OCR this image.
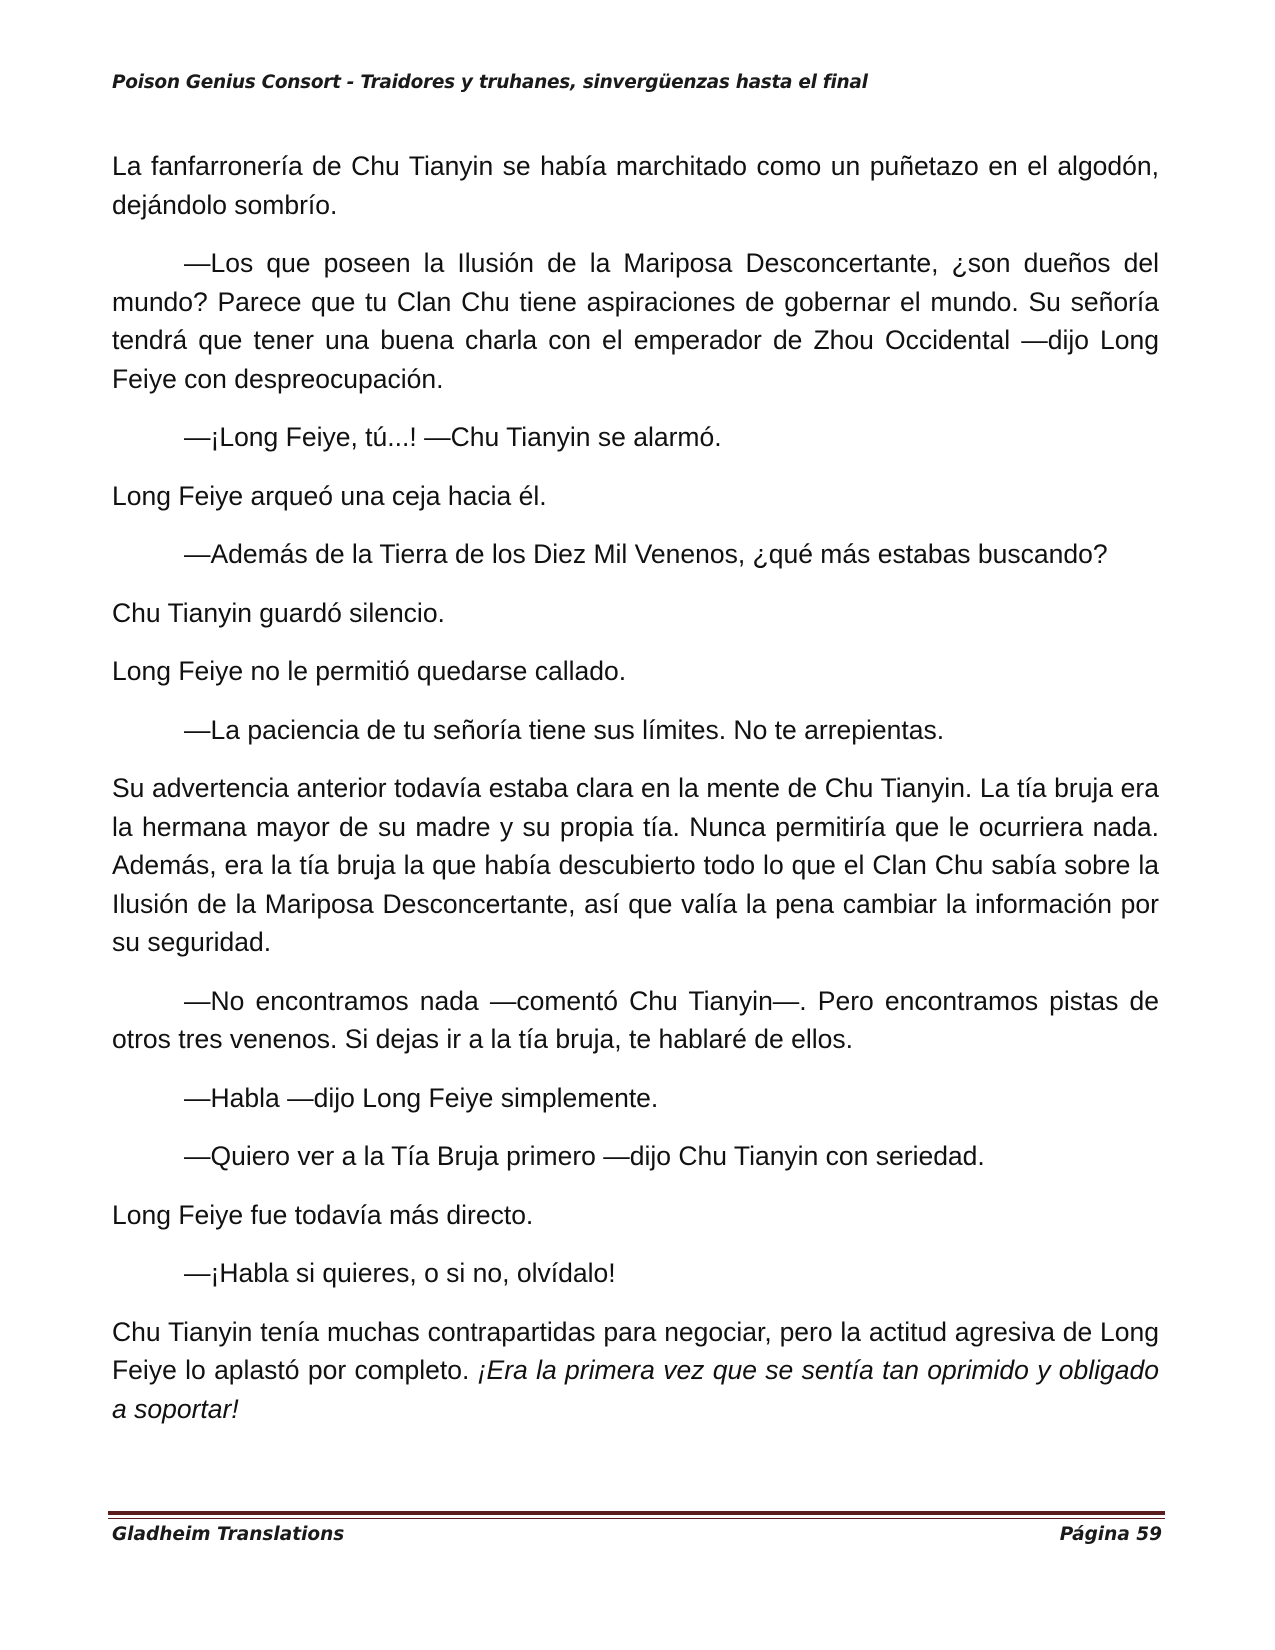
Poison Genius Consort - Traidores y truhanes, sinvergüenzas hasta el final

La fanfarronería de Chu Tianyin se había marchitado como un puñetazo en el algodón, dejándolo sombrío.

—Los que poseen la Ilusión de la Mariposa Desconcertante, ¿son dueños del mundo? Parece que tu Clan Chu tiene aspiraciones de gobernar el mundo. Su señoría tendrá que tener una buena charla con el emperador de Zhou Occidental —dijo Long Feiye con despreocupación.

—¡Long Feiye, tú...! —Chu Tianyin se alarmó.

Long Feiye arqueó una ceja hacia él.

—Además de la Tierra de los Diez Mil Venenos, ¿qué más estabas buscando?

Chu Tianyin guardó silencio.

Long Feiye no le permitió quedarse callado.

—La paciencia de tu señoría tiene sus límites. No te arrepientas.

Su advertencia anterior todavía estaba clara en la mente de Chu Tianyin. La tía bruja era la hermana mayor de su madre y su propia tía. Nunca permitiría que le ocurriera nada. Además, era la tía bruja la que había descubierto todo lo que el Clan Chu sabía sobre la Ilusión de la Mariposa Desconcertante, así que valía la pena cambiar la información por su seguridad.

—No encontramos nada —comentó Chu Tianyin—. Pero encontramos pistas de otros tres venenos. Si dejas ir a la tía bruja, te hablaré de ellos.

—Habla —dijo Long Feiye simplemente.

—Quiero ver a la Tía Bruja primero —dijo Chu Tianyin con seriedad.

Long Feiye fue todavía más directo.

—¡Habla si quieres, o si no, olvídalo!

Chu Tianyin tenía muchas contrapartidas para negociar, pero la actitud agresiva de Long Feiye lo aplastó por completo. ¡Era la primera vez que se sentía tan oprimido y obligado a soportar!

Gladheim Translations	Página 59
